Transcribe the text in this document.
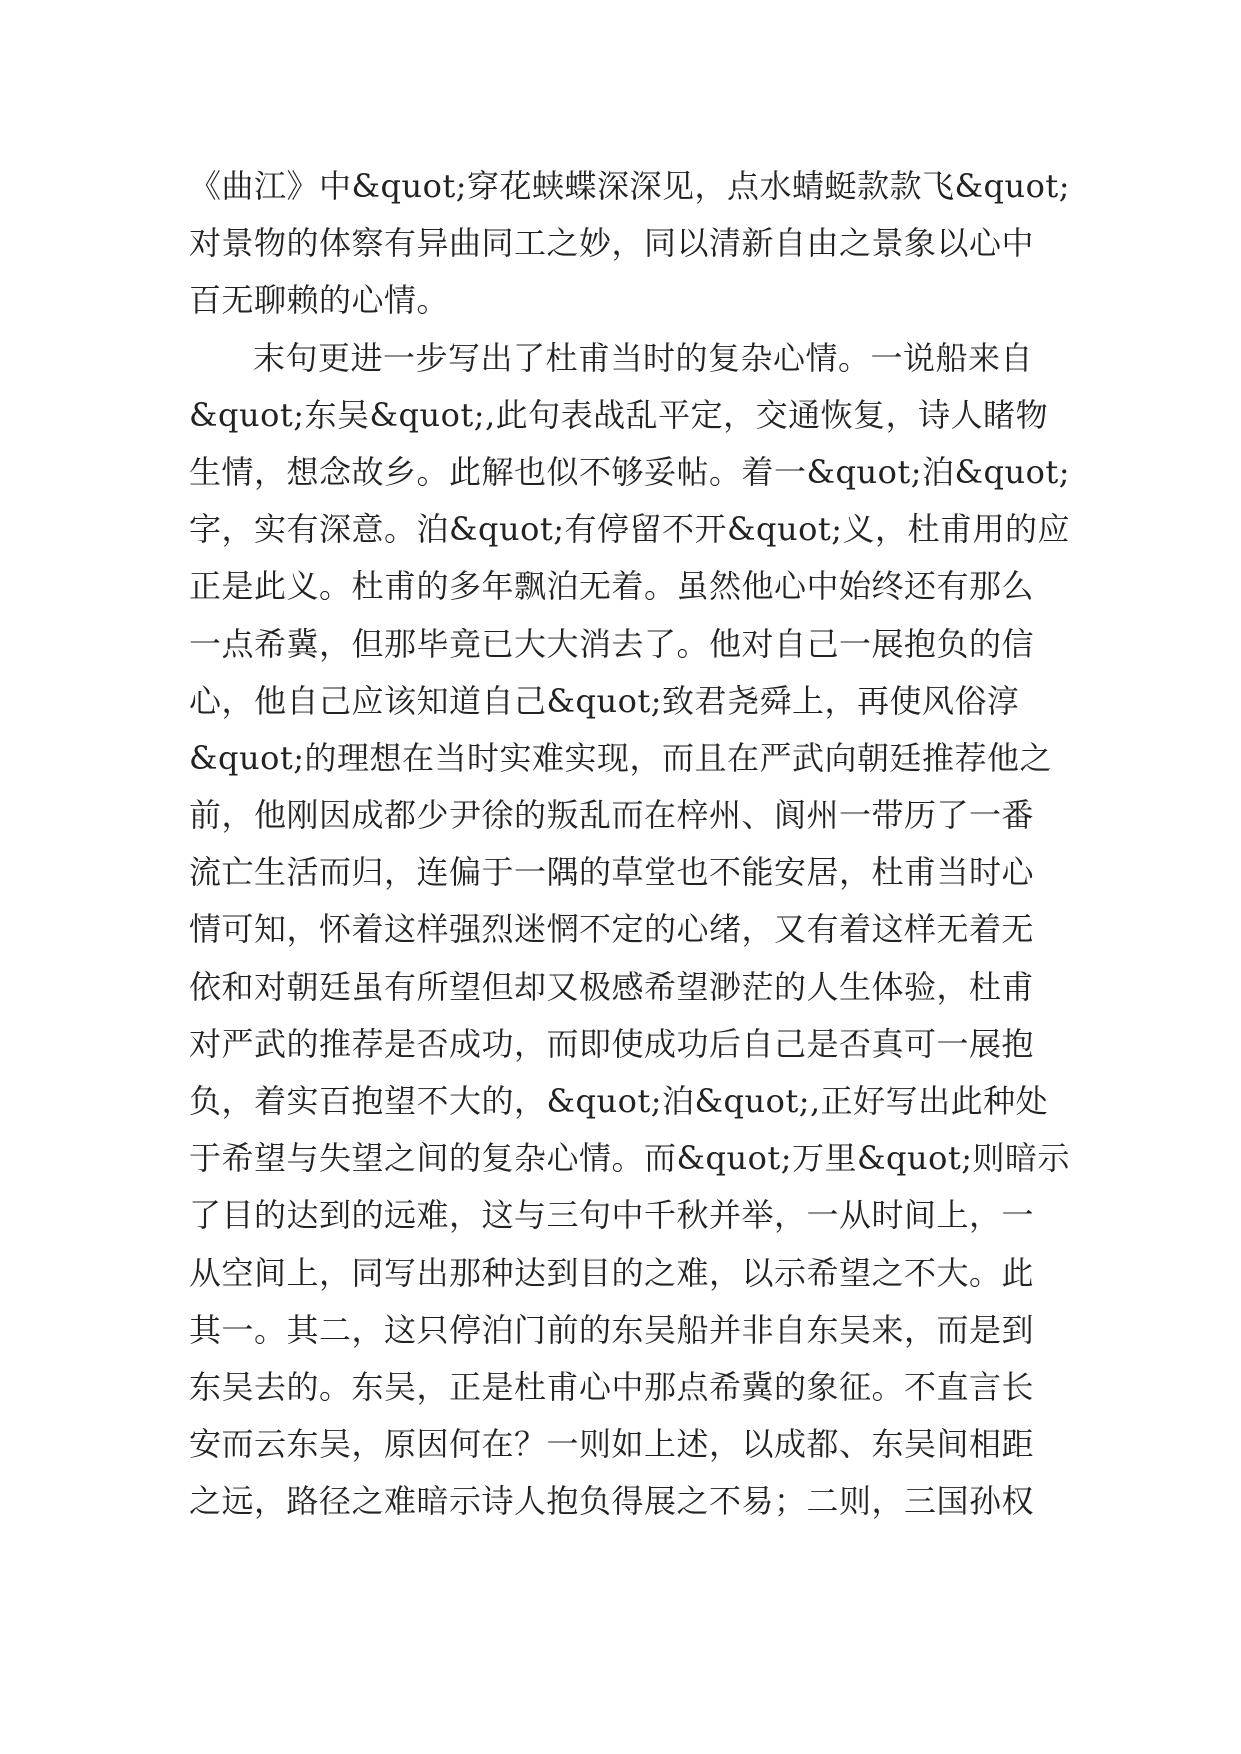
《曲江》中&quot;穿花蛱蝶深深见，点水蜻蜓款款飞&quot;
对景物的体察有异曲同工之妙，同以清新自由之景象以心中
百无聊赖的心情。
末句更进一步写出了杜甫当时的复杂心情。一说船来自
&quot;东吴&quot;,此句表战乱平定，交通恢复，诗人睹物
生情，想念故乡。此解也似不够妥帖。着一&quot;泊&quot;
字，实有深意。泊&quot;有停留不开&quot;义，杜甫用的应
正是此义。杜甫的多年飘泊无着。虽然他心中始终还有那么
一点希冀，但那毕竟已大大消去了。他对自己一展抱负的信
心，他自己应该知道自己&quot;致君尧舜上，再使风俗淳
&quot;的理想在当时实难实现，而且在严武向朝廷推荐他之
前，他刚因成都少尹徐的叛乱而在梓州、阆州一带历了一番
流亡生活而归，连偏于一隅的草堂也不能安居，杜甫当时心
情可知，怀着这样强烈迷惘不定的心绪，又有着这样无着无
依和对朝廷虽有所望但却又极感希望渺茫的人生体验，杜甫
对严武的推荐是否成功，而即使成功后自己是否真可一展抱
负，着实百抱望不大的，&quot;泊&quot;,正好写出此种处
于希望与失望之间的复杂心情。而&quot;万里&quot;则暗示
了目的达到的远难，这与三句中千秋并举，一从时间上，一
从空间上，同写出那种达到目的之难，以示希望之不大。此
其一。其二，这只停泊门前的东吴船并非自东吴来，而是到
东吴去的。东吴，正是杜甫心中那点希冀的象征。不直言长
安而云东吴，原因何在？一则如上述，以成都、东吴间相距
之远，路径之难暗示诗人抱负得展之不易；二则，三国孙权
